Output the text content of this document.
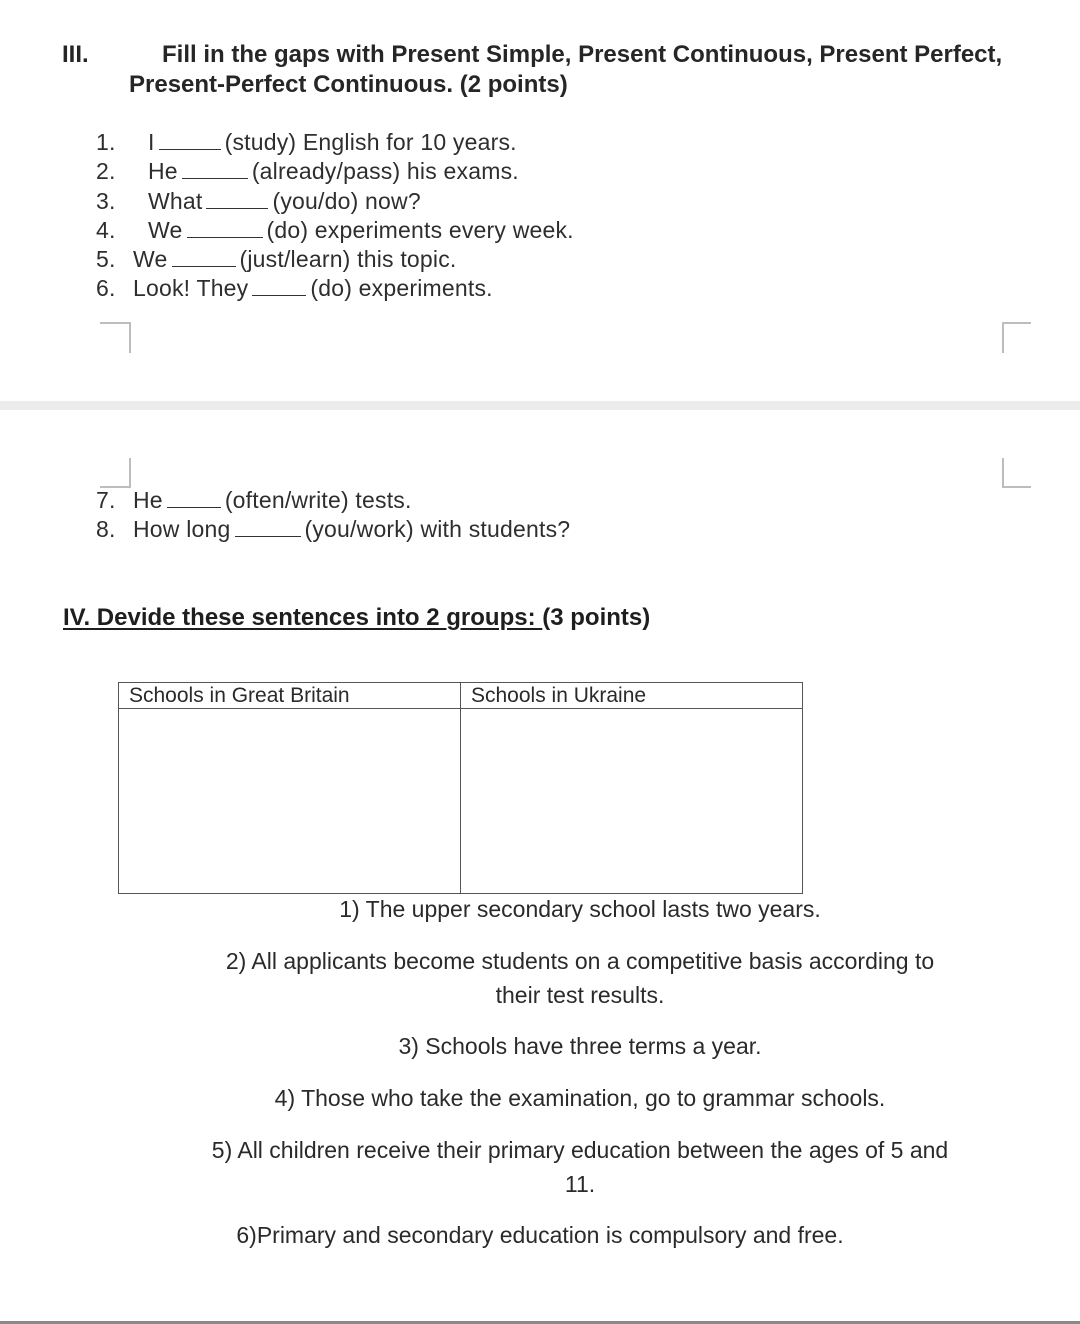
III.	Fill in the gaps with Present Simple, Present Continuous, Present Perfect,
Present-Perfect Continuous. (2 points)
1. I	(study) English for 10 years.
2. He	(already/pass) his exams.
3. What	(you/do) now?
4. We	(do) experiments every week.
5. We	(just/learn) this topic.
6. Look! They	(do) experiments.
7. He	(often/write) tests.
8. How long	(you/work) with students?
IV. Devide these sentences into 2 groups: (3 points)
Schools in Great Britain	Schools in Ukraine

1) The upper secondary school lasts two years.
2) All applicants become students on a competitive basis according to
their test results.
3) Schools have three terms a year.
4) Those who take the examination, go to grammar schools.
5) All children receive their primary education between the ages of 5 and
11.
6)Primary and secondary education is compulsory and free.
